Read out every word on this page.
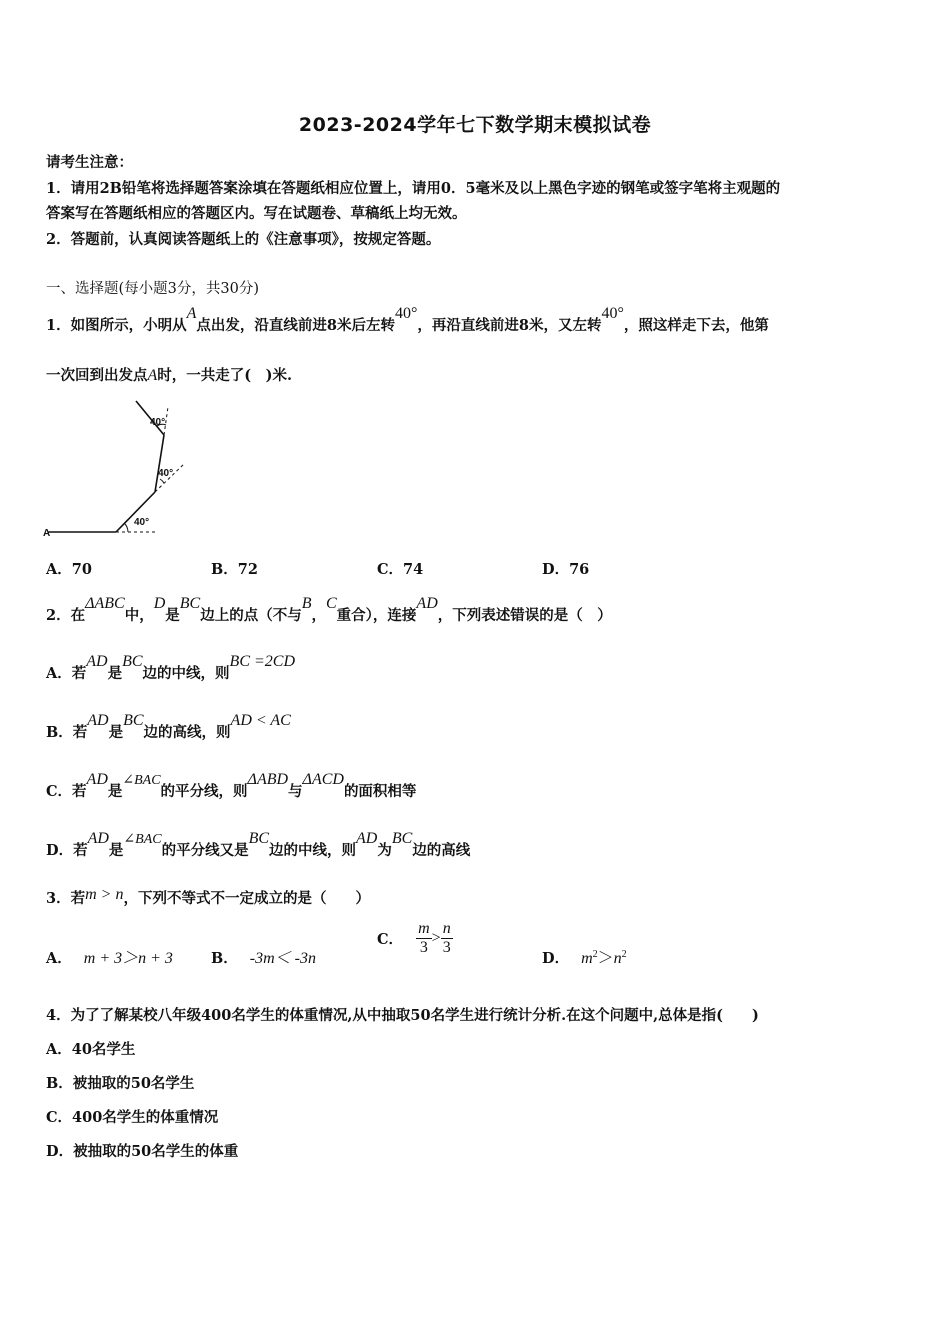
2023-2024学年七下数学期末模拟试卷
请考生注意：
1．请用2B铅笔将选择题答案涂填在答题纸相应位置上，请用0．5毫米及以上黑色字迹的钢笔或签字笔将主观题的
答案写在答题纸相应的答题区内。写在试题卷、草稿纸上均无效。
2．答题前，认真阅读答题纸上的《注意事项》，按规定答题。
一、选择题(每小题3分，共30分)
1．如图所示，小明从A点出发，沿直线前进8米后左转40°，再沿直线前进8米，又左转40°，照这样走下去，他第
一次回到出发点A时，一共走了(　)米.
A
40°
40°
40°
A．70	B．72	C．74	D．76
2．在ΔABC中，D是BC边上的点（不与B，C重合），连接AD，下列表述错误的是（　）
A．若AD是BC边的中线，则BC =2CD
B．若AD是BC边的高线，则AD < AC
C．若AD是∠BAC的平分线，则ΔABD与ΔACD的面积相等
D．若AD是∠BAC的平分线又是BC边的中线，则AD为BC边的高线
3．若m > n，下列不等式不一定成立的是（　　）
A． m + 3＞n + 3	B． -3m＜ -3n
C． $\frac{m}{3} > \frac{n}{3}$
D． $m^2>n^2$
4．为了了解某校八年级400名学生的体重情况,从中抽取50名学生进行统计分析.在这个问题中,总体是指(　　)
A．40名学生
B．被抽取的50名学生
C．400名学生的体重情况
D．被抽取的50名学生的体重
